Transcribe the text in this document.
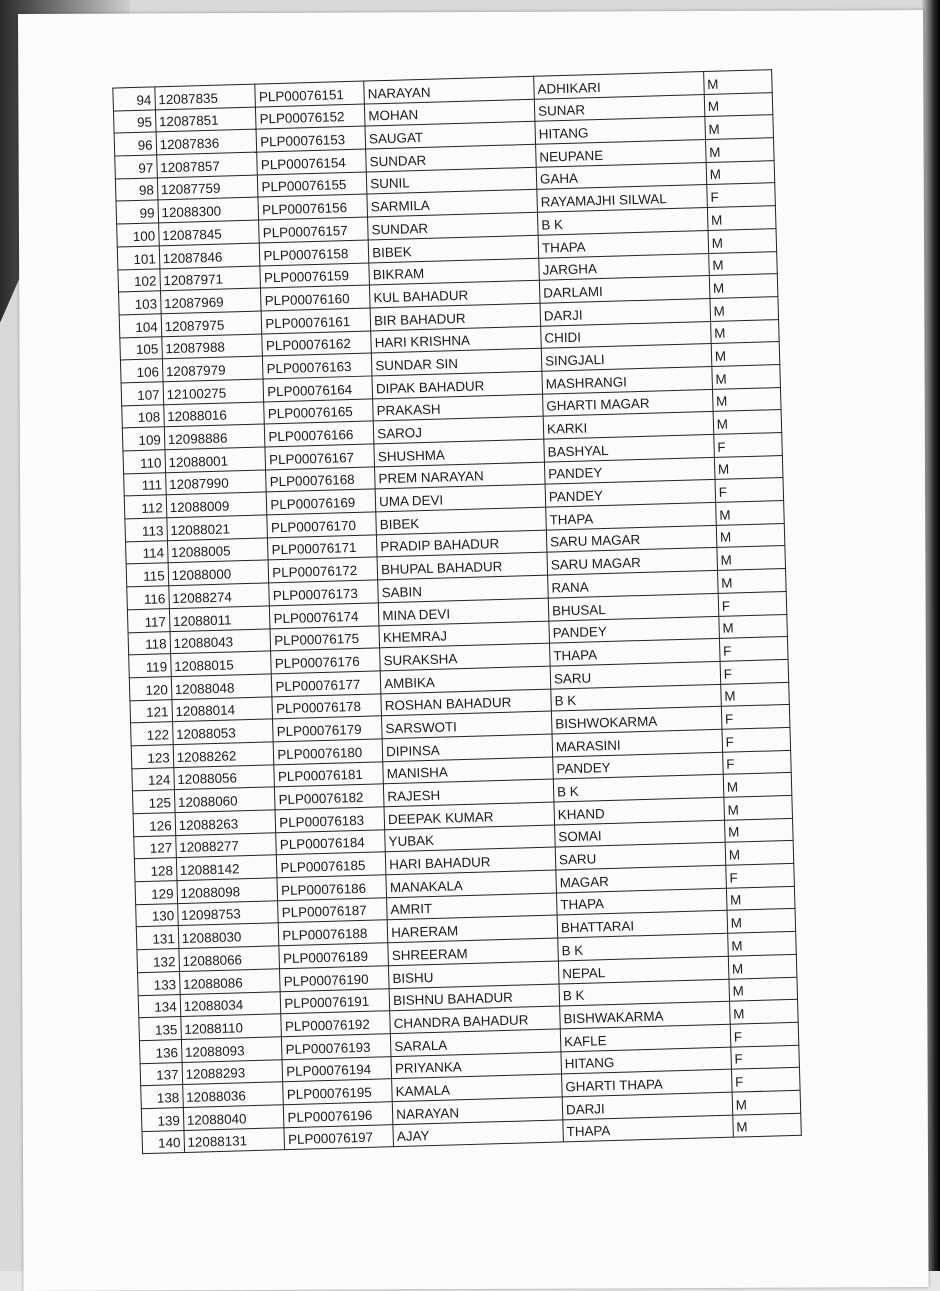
94	12087835	PLP00076151	NARAYAN	ADHIKARI	M
95	12087851	PLP00076152	MOHAN	SUNAR	M
96	12087836	PLP00076153	SAUGAT	HITANG	M
97	12087857	PLP00076154	SUNDAR	NEUPANE	M
98	12087759	PLP00076155	SUNIL	GAHA	M
99	12088300	PLP00076156	SARMILA	RAYAMAJHI SILWAL	F
100	12087845	PLP00076157	SUNDAR	B K	M
101	12087846	PLP00076158	BIBEK	THAPA	M
102	12087971	PLP00076159	BIKRAM	JARGHA	M
103	12087969	PLP00076160	KUL BAHADUR	DARLAMI	M
104	12087975	PLP00076161	BIR BAHADUR	DARJI	M
105	12087988	PLP00076162	HARI KRISHNA	CHIDI	M
106	12087979	PLP00076163	SUNDAR SIN	SINGJALI	M
107	12100275	PLP00076164	DIPAK BAHADUR	MASHRANGI	M
108	12088016	PLP00076165	PRAKASH	GHARTI MAGAR	M
109	12098886	PLP00076166	SAROJ	KARKI	M
110	12088001	PLP00076167	SHUSHMA	BASHYAL	F
111	12087990	PLP00076168	PREM NARAYAN	PANDEY	M
112	12088009	PLP00076169	UMA DEVI	PANDEY	F
113	12088021	PLP00076170	BIBEK	THAPA	M
114	12088005	PLP00076171	PRADIP BAHADUR	SARU MAGAR	M
115	12088000	PLP00076172	BHUPAL BAHADUR	SARU MAGAR	M
116	12088274	PLP00076173	SABIN	RANA	M
117	12088011	PLP00076174	MINA DEVI	BHUSAL	F
118	12088043	PLP00076175	KHEMRAJ	PANDEY	M
119	12088015	PLP00076176	SURAKSHA	THAPA	F
120	12088048	PLP00076177	AMBIKA	SARU	F
121	12088014	PLP00076178	ROSHAN BAHADUR	B K	M
122	12088053	PLP00076179	SARSWOTI	BISHWOKARMA	F
123	12088262	PLP00076180	DIPINSA	MARASINI	F
124	12088056	PLP00076181	MANISHA	PANDEY	F
125	12088060	PLP00076182	RAJESH	B K	M
126	12088263	PLP00076183	DEEPAK KUMAR	KHAND	M
127	12088277	PLP00076184	YUBAK	SOMAI	M
128	12088142	PLP00076185	HARI BAHADUR	SARU	M
129	12088098	PLP00076186	MANAKALA	MAGAR	F
130	12098753	PLP00076187	AMRIT	THAPA	M
131	12088030	PLP00076188	HARERAM	BHATTARAI	M
132	12088066	PLP00076189	SHREERAM	B K	M
133	12088086	PLP00076190	BISHU	NEPAL	M
134	12088034	PLP00076191	BISHNU BAHADUR	B K	M
135	12088110	PLP00076192	CHANDRA BAHADUR	BISHWAKARMA	M
136	12088093	PLP00076193	SARALA	KAFLE	F
137	12088293	PLP00076194	PRIYANKA	HITANG	F
138	12088036	PLP00076195	KAMALA	GHARTI THAPA	F
139	12088040	PLP00076196	NARAYAN	DARJI	M
140	12088131	PLP00076197	AJAY	THAPA	M
